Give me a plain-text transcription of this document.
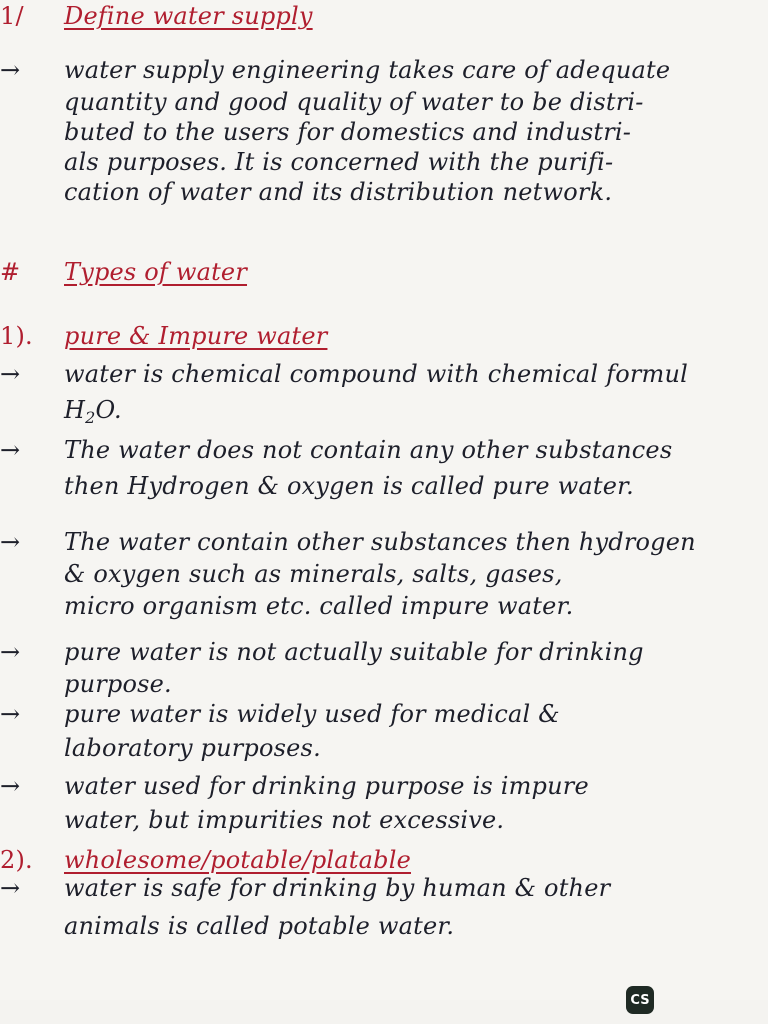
1/ Define water supply
→ water supply engineering takes care of adequate
quantity and good quality of water to be distri-
buted to the users for domestics and industri-
als purposes. It is concerned with the purifi-
cation of water and its distribution network.
# Types of water
1). pure & Impure water
→ water is chemical compound with chemical formul
$H_2O$.
→ The water does not contain any other substances
then Hydrogen & oxygen is called pure water.
→ The water contain other substances then hydrogen
& oxygen such as minerals, salts, gases,
micro organism etc. called impure water.
→ pure water is not actually suitable for drinking
purpose.
→ pure water is widely used for medical &
laboratory purposes.
→ water used for drinking purpose is impure
water, but impurities not excessive.
2). wholesome/potable/platable
→ water is safe for drinking by human & other
animals is called potable water.
CS
